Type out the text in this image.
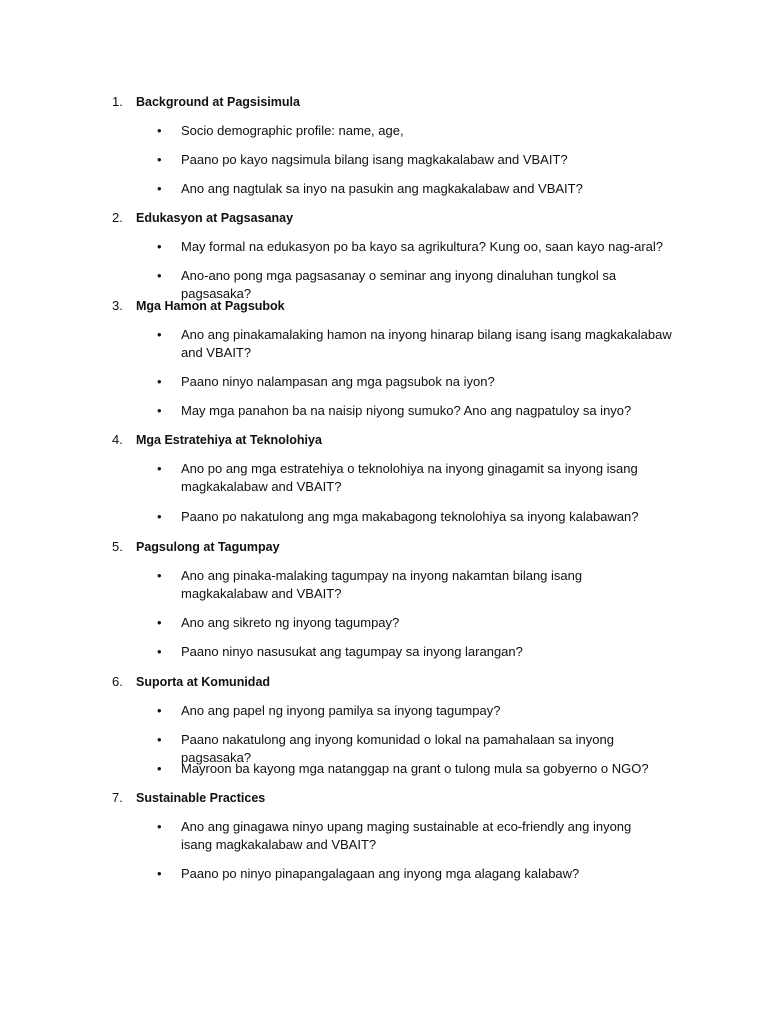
1. Background at Pagsisimula
• Socio demographic profile: name, age,
• Paano po kayo nagsimula bilang isang magkakalabaw and VBAIT?
• Ano ang nagtulak sa inyo na pasukin ang magkakalabaw and VBAIT?
2. Edukasyon at Pagsasanay
• May formal na edukasyon po ba kayo sa agrikultura? Kung oo, saan kayo nag-aral?
• Ano-ano pong mga pagsasanay o seminar ang inyong dinaluhan tungkol sa pagsasaka?
3. Mga Hamon at Pagsubok
• Ano ang pinakamalaking hamon na inyong hinarap bilang isang isang magkakalabaw and VBAIT?
• Paano ninyo nalampasan ang mga pagsubok na iyon?
• May mga panahon ba na naisip niyong sumuko? Ano ang nagpatuloy sa inyo?
4. Mga Estratehiya at Teknolohiya
• Ano po ang mga estratehiya o teknolohiya na inyong ginagamit sa inyong isang magkakalabaw and VBAIT?
• Paano po nakatulong ang mga makabagong teknolohiya sa inyong kalabawan?
5. Pagsulong at Tagumpay
• Ano ang pinaka-malaking tagumpay na inyong nakamtan bilang isang magkakalabaw and VBAIT?
• Ano ang sikreto ng inyong tagumpay?
• Paano ninyo nasusukat ang tagumpay sa inyong larangan?
6. Suporta at Komunidad
• Ano ang papel ng inyong pamilya sa inyong tagumpay?
• Paano nakatulong ang inyong komunidad o lokal na pamahalaan sa inyong pagsasaka?
• Mayroon ba kayong mga natanggap na grant o tulong mula sa gobyerno o NGO?
7. Sustainable Practices
• Ano ang ginagawa ninyo upang maging sustainable at eco-friendly ang inyong isang magkakalabaw and VBAIT?
• Paano po ninyo pinapangalagaan ang inyong mga alagang kalabaw?
